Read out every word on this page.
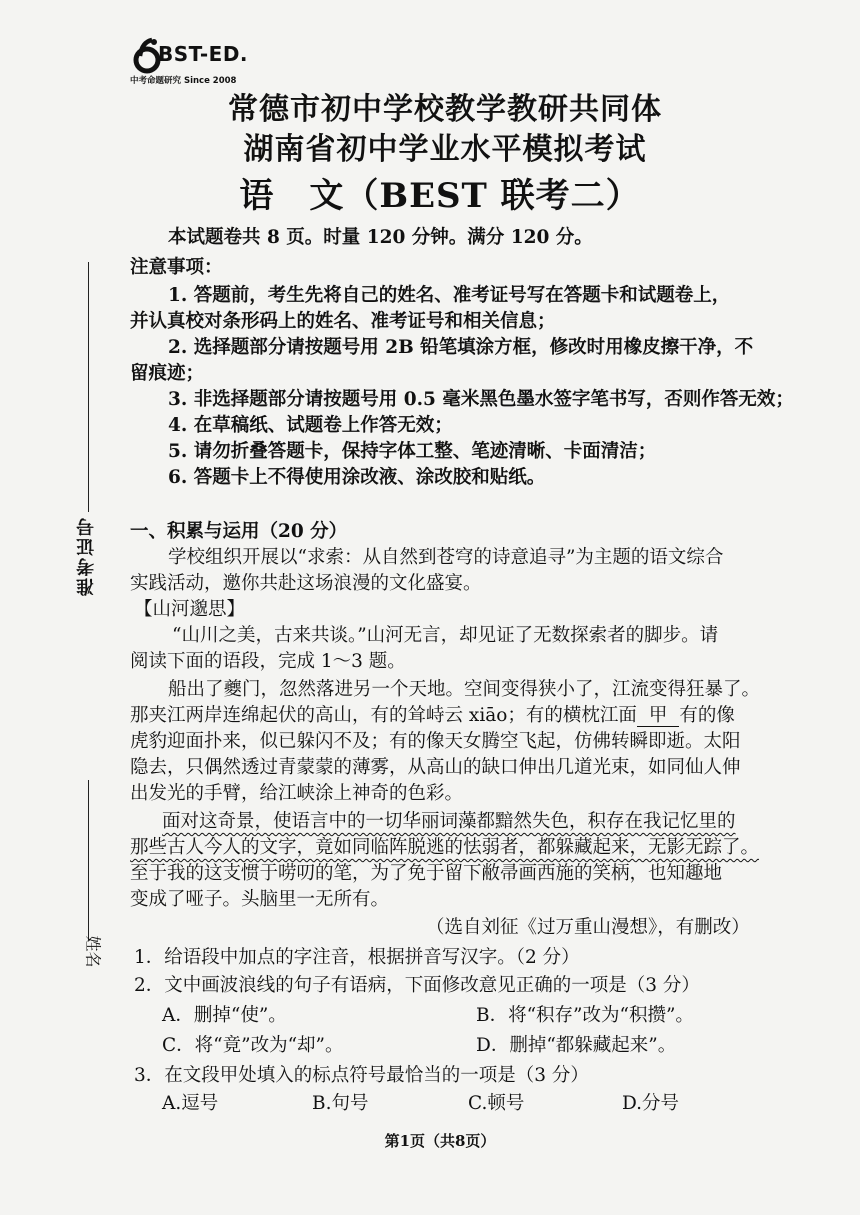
BST-ED.
中考命题研究 Since 2008
常德市初中学校教学教研共同体
湖南省初中学业水平模拟考试
语　文（BEST 联考二）
本试题卷共 8 页。时量 120 分钟。满分 120 分。
注意事项：
1. 答题前，考生先将自己的姓名、准考证号写在答题卡和试题卷上，
并认真校对条形码上的姓名、准考证号和相关信息；
2. 选择题部分请按题号用 2B 铅笔填涂方框，修改时用橡皮擦干净，不
留痕迹；
3. 非选择题部分请按题号用 0.5 毫米黑色墨水签字笔书写，否则作答无效；
4. 在草稿纸、试题卷上作答无效；
5. 请勿折叠答题卡，保持字体工整、笔迹清晰、卡面清洁；
6. 答题卡上不得使用涂改液、涂改胶和贴纸。
准考证号
姓名
一、积累与运用（20 分）
学校组织开展以“求索：从自然到苍穹的诗意追寻”为主题的语文综合
实践活动，邀你共赴这场浪漫的文化盛宴。
【山河邈思】
“山川之美，古来共谈。”山河无言，却见证了无数探索者的脚步。请
阅读下面的语段，完成 1～3 题。
船出了夔门，忽然落进另一个天地。空间变得狭小了，江流变得狂暴了。
那夹江两岸连绵起伏的高山，有的耸峙云 xiāo；有的横枕江面 甲 有的像
虎豹迎面扑来，似已躲闪不及；有的像天女腾空飞起，仿佛转瞬即逝。太阳
隐去，只偶然透过青蒙蒙的薄雾，从高山的缺口伸出几道光束，如同仙人伸
出发光的手臂，给江峡涂上神奇的色彩。
面对这奇景，使语言中的一切华丽词藻都黯然失色，积存在我记忆里的
那些古人今人的文字，竟如同临阵脱逃的怯弱者，都躲藏起来，无影无踪了。
至于我的这支惯于唠叨的笔，为了免于留下敝帚画西施的笑柄，也知趣地
变成了哑子。头脑里一无所有。
（选自刘征《过万重山漫想》，有删改）
1．给语段中加点的字注音，根据拼音写汉字。（2 分）
2．文中画波浪线的句子有语病，下面修改意见正确的一项是（3 分）
A．删掉“使”。	B．将“积存”改为“积攒”。
C．将“竟”改为“却”。	D．删掉“都躲藏起来”。
3．在文段甲处填入的标点符号最恰当的一项是（3 分）
A.逗号	B.句号	C.顿号	D.分号
第1页（共8页）
